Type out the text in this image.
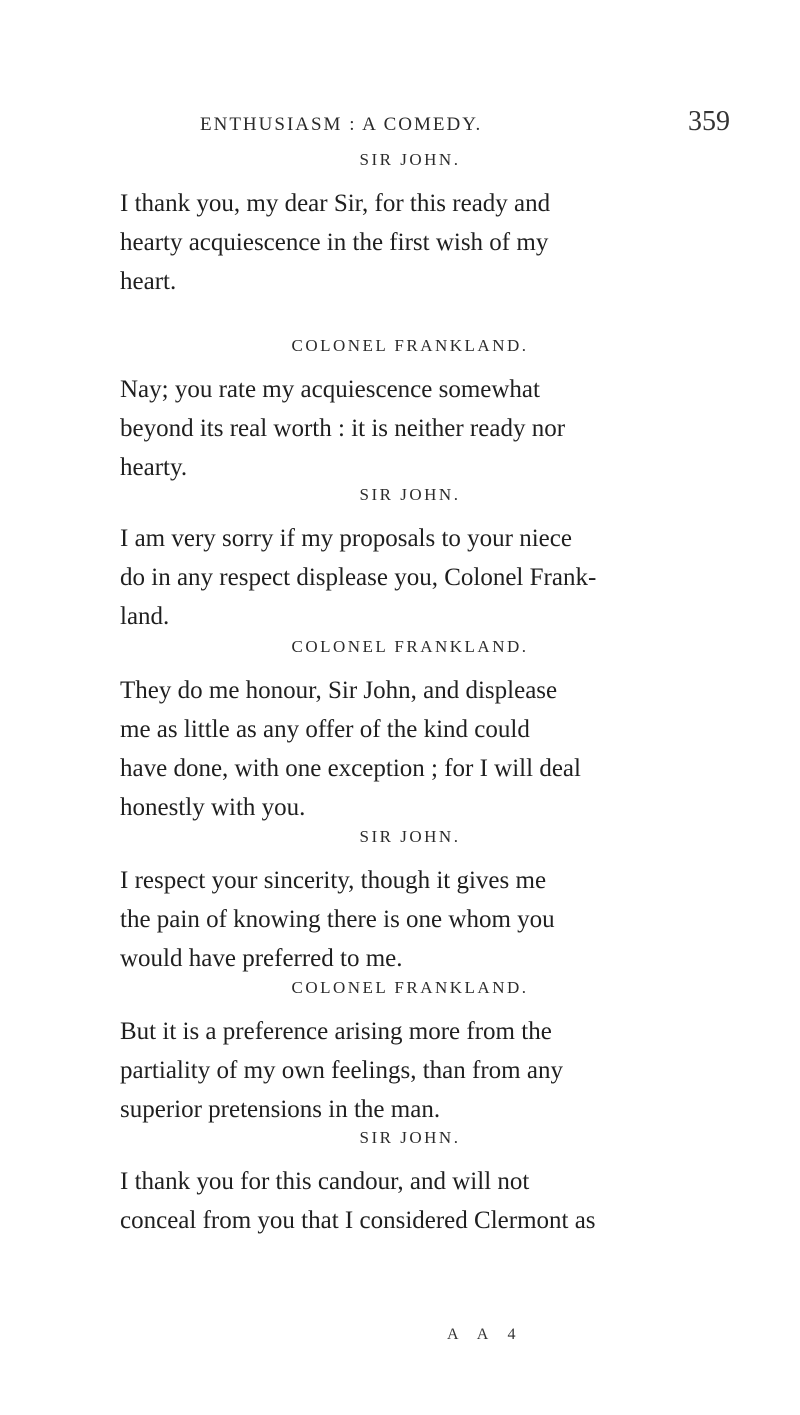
ENTHUSIASM : A COMEDY.	359

SIR JOHN.

I thank you, my dear Sir, for this ready and

hearty acquiescence in the first wish of my

heart.

COLONEL FRANKLAND.

Nay; you rate my acquiescence somewhat

beyond its real worth : it is neither ready nor

hearty.

SIR JOHN.

I am very sorry if my proposals to your niece

do in any respect displease you, Colonel Frank-

land.

COLONEL FRANKLAND.

They do me honour, Sir John, and displease

me as little as any offer of the kind could

have done, with one exception ; for I will deal

honestly with you.

SIR JOHN.

I respect your sincerity, though it gives me

the pain of knowing there is one whom you

would have preferred to me.

COLONEL FRANKLAND.

But it is a preference arising more from the

partiality of my own feelings, than from any

superior pretensions in the man.

SIR JOHN.

I thank you for this candour, and will not

conceal from you that I considered Clermont as

A A 4
